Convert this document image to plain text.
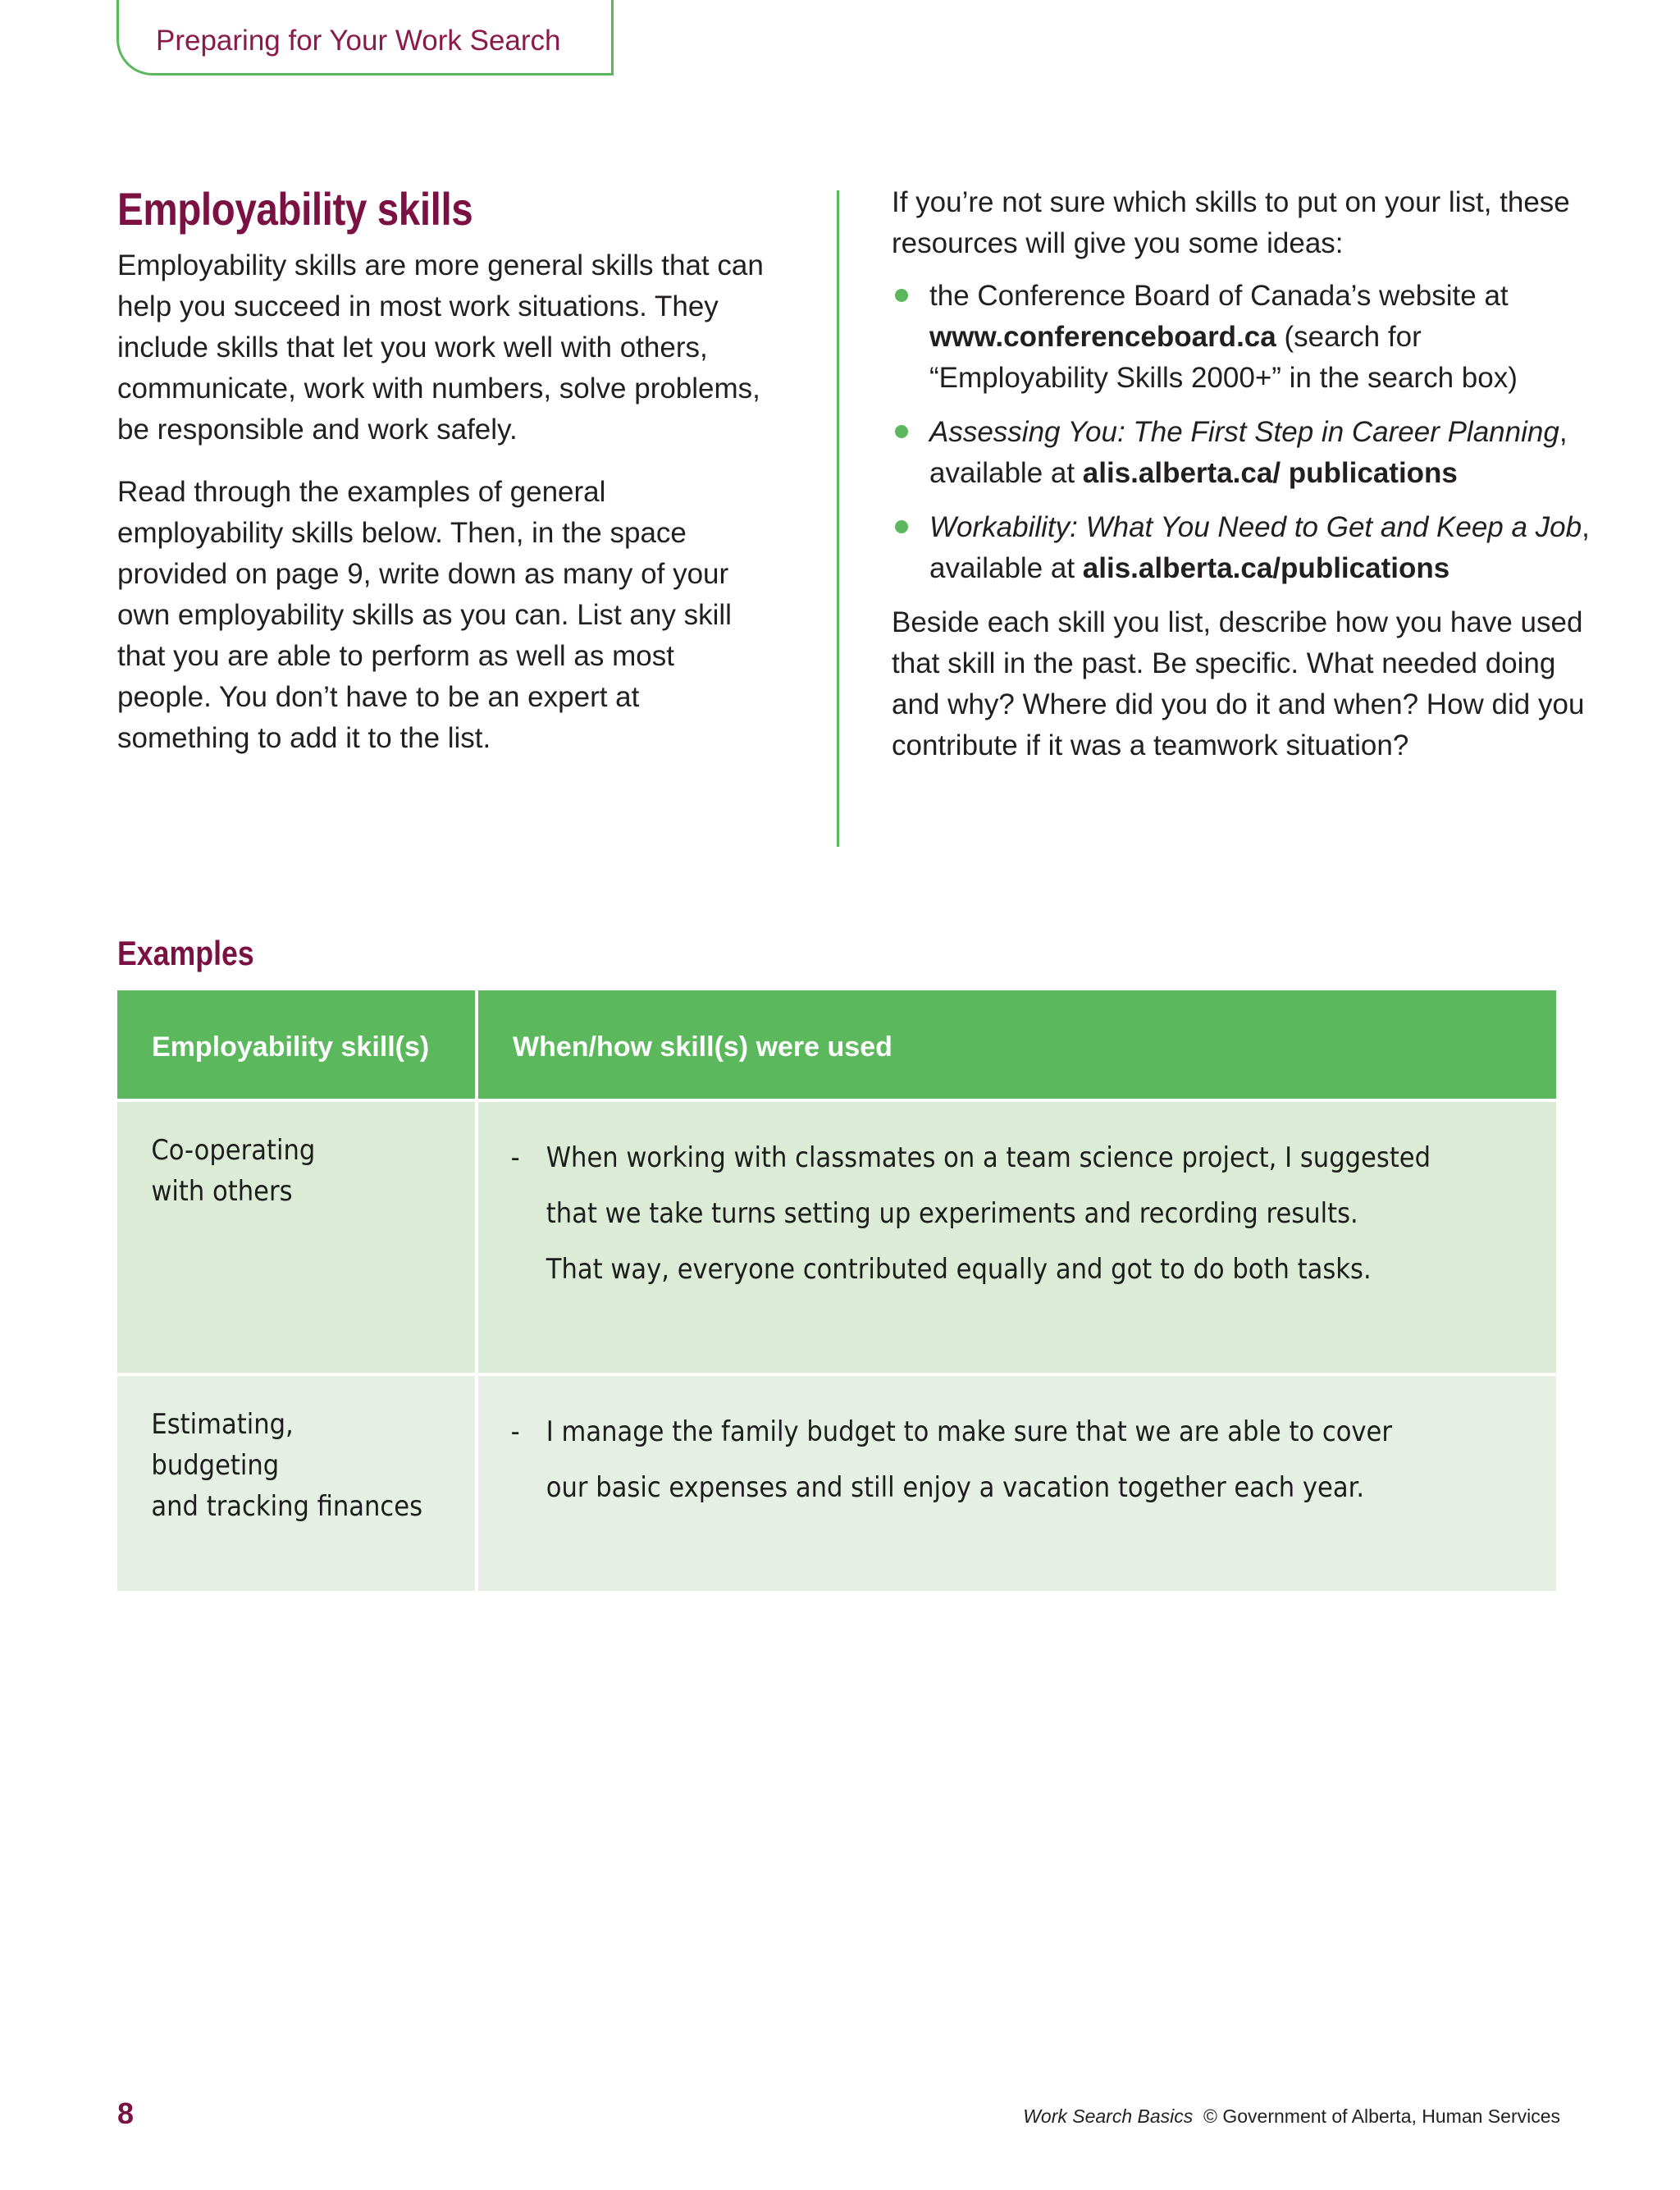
Preparing for Your Work Search
Employability skills

Employability skills are more general skills that can help you succeed in most work situations. They include skills that let you work well with others, communicate, work with numbers, solve problems, be responsible and work safely.

Read through the examples of general employability skills below. Then, in the space provided on page 9, write down as many of your own employability skills as you can. List any skill that you are able to perform as well as most people. You don’t have to be an expert at something to add it to the list.

If you’re not sure which skills to put on your list, these resources will give you some ideas:

the Conference Board of Canada’s website at www.conferenceboard.ca (search for “Employability Skills 2000+” in the search box)
Assessing You: The First Step in Career Planning, available at alis.alberta.ca/ publications
Workability: What You Need to Get and Keep a Job, available at alis.alberta.ca/publications

Beside each skill you list, describe how you have used that skill in the past. Be specific. What needed doing and why? Where did you do it and when? How did you contribute if it was a teamwork situation?

Examples
Employability skill(s)	When/how skill(s) were used
Co-operating
with others
- When working with classmates on a team science project, I suggested
that we take turns setting up experiments and recording results.
That way, everyone contributed equally and got to do both tasks.
Estimating,
budgeting
and tracking finances
- I manage the family budget to make sure that we are able to cover
our basic expenses and still enjoy a vacation together each year.
8	Work Search Basics © Government of Alberta, Human Services
